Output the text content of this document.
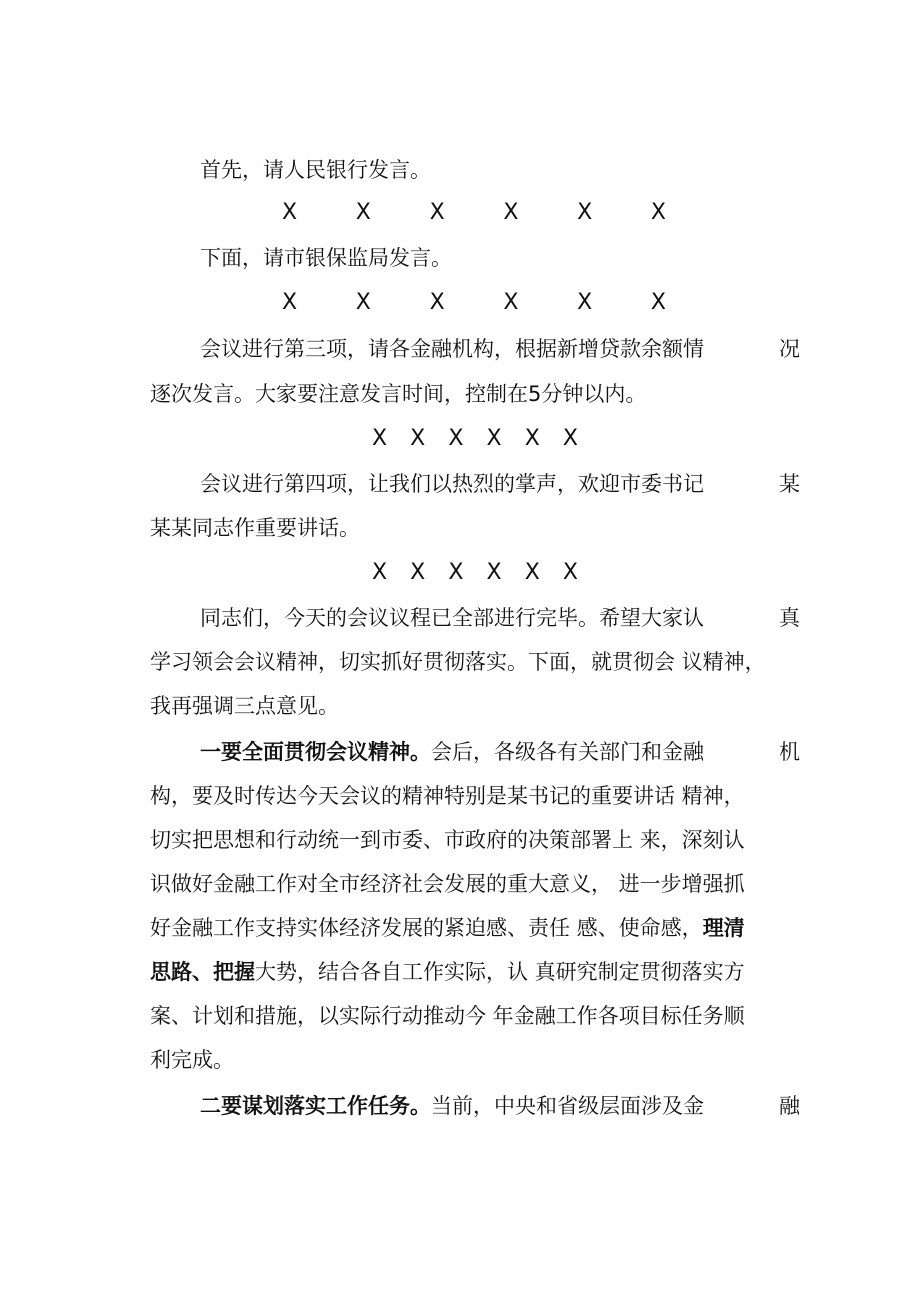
首先，请人民银行发言。
X	X	X	X	X	X
下面，请市银保监局发言。
X	X	X	X	X	X
会议进行第三项，请各金融机构，根据新增贷款余额情	况
逐次发言。大家要注意发言时间，控制在5分钟以内。
X X X X X X
会议进行第四项，让我们以热烈的掌声，欢迎市委书记	某
某某同志作重要讲话。
X X X X X X
同志们，今天的会议议程已全部进行完毕。希望大家认	真
学习领会会议精神，切实抓好贯彻落实。下面，就贯彻会 议精神，
我再强调三点意见。
一要全面贯彻会议精神。会后，各级各有关部门和金融	机
构，要及时传达今天会议的精神特别是某书记的重要讲话 精神，
切实把思想和行动统一到市委、市政府的决策部署上 来，深刻认
识做好金融工作对全市经济社会发展的重大意义， 进一步增强抓
好金融工作支持实体经济发展的紧迫感、责任 感、使命感，理清
思路、把握大势，结合各自工作实际，认 真研究制定贯彻落实方
案、计划和措施，以实际行动推动今 年金融工作各项目标任务顺
利完成。
二要谋划落实工作任务。当前，中央和省级层面涉及金	融
